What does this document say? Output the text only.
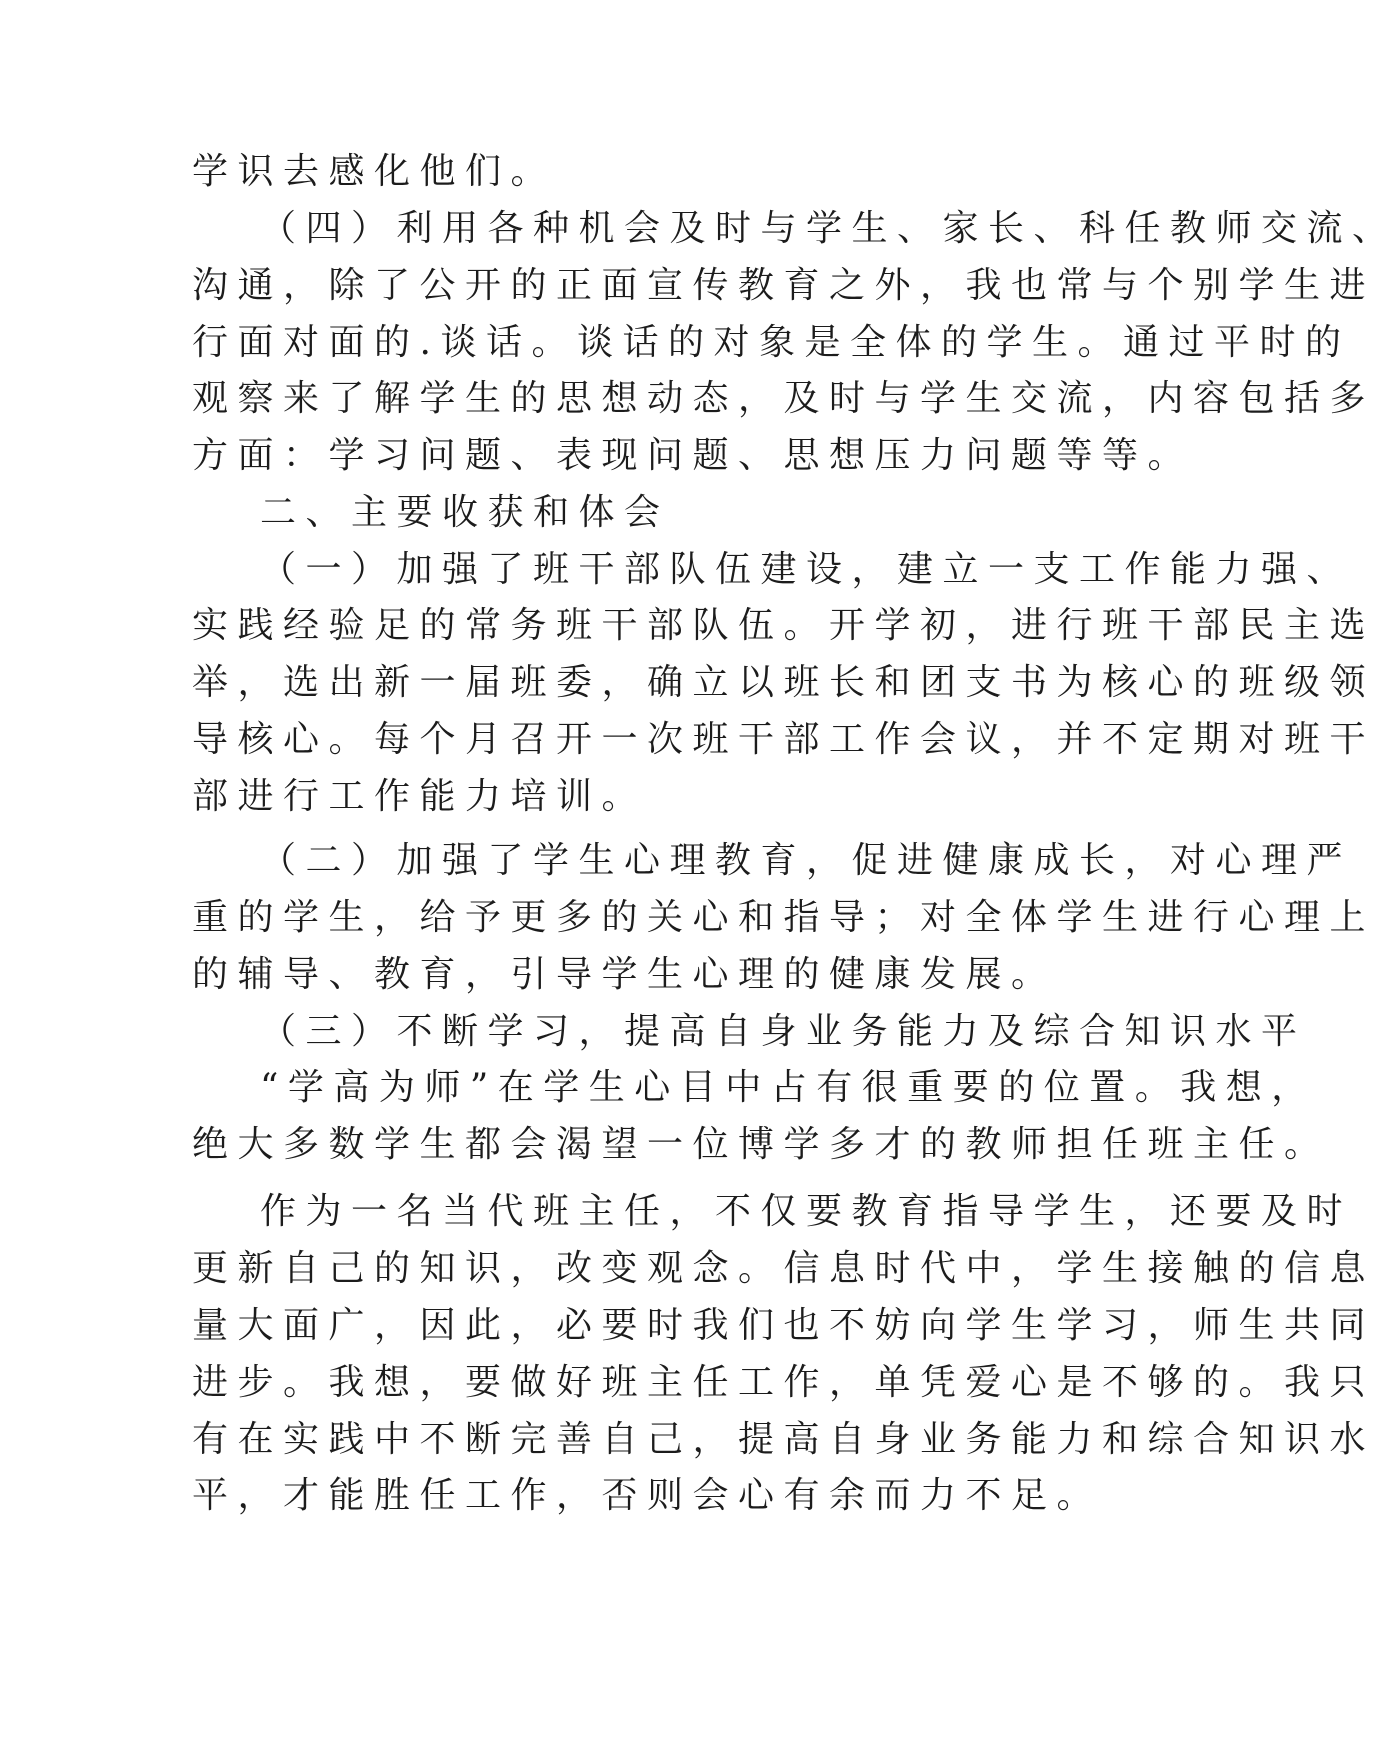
学识去感化他们。
（四）利用各种机会及时与学生、家长、科任教师交流、
沟通，除了公开的正面宣传教育之外，我也常与个别学生进
行面对面的.谈话。谈话的对象是全体的学生。通过平时的
观察来了解学生的思想动态，及时与学生交流，内容包括多
方面：学习问题、表现问题、思想压力问题等等。
二、主要收获和体会
（一）加强了班干部队伍建设，建立一支工作能力强、
实践经验足的常务班干部队伍。开学初，进行班干部民主选
举，选出新一届班委，确立以班长和团支书为核心的班级领
导核心。每个月召开一次班干部工作会议，并不定期对班干
部进行工作能力培训。
（二）加强了学生心理教育，促进健康成长，对心理严
重的学生，给予更多的关心和指导；对全体学生进行心理上
的辅导、教育，引导学生心理的健康发展。
（三）不断学习，提高自身业务能力及综合知识水平
“学高为师”在学生心目中占有很重要的位置。我想，
绝大多数学生都会渴望一位博学多才的教师担任班主任。
作为一名当代班主任，不仅要教育指导学生，还要及时
更新自己的知识，改变观念。信息时代中，学生接触的信息
量大面广，因此，必要时我们也不妨向学生学习，师生共同
进步。我想，要做好班主任工作，单凭爱心是不够的。我只
有在实践中不断完善自己，提高自身业务能力和综合知识水
平，才能胜任工作，否则会心有余而力不足。
